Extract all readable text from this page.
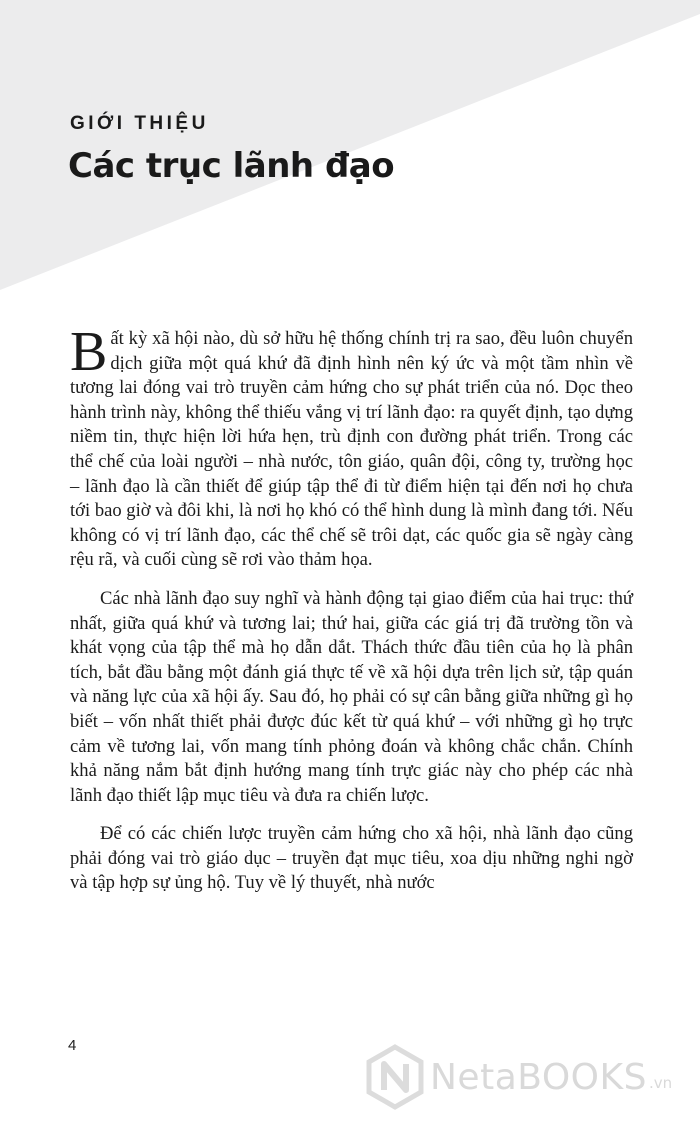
GIỚI THIỆU
Các trục lãnh đạo

Bất kỳ xã hội nào, dù sở hữu hệ thống chính trị ra sao, đều luôn chuyển dịch giữa một quá khứ đã định hình nên ký ức và một tầm nhìn về tương lai đóng vai trò truyền cảm hứng cho sự phát triển của nó. Dọc theo hành trình này, không thể thiếu vắng vị trí lãnh đạo: ra quyết định, tạo dựng niềm tin, thực hiện lời hứa hẹn, trù định con đường phát triển. Trong các thể chế của loài người – nhà nước, tôn giáo, quân đội, công ty, trường học – lãnh đạo là cần thiết để giúp tập thể đi từ điểm hiện tại đến nơi họ chưa tới bao giờ và đôi khi, là nơi họ khó có thể hình dung là mình đang tới. Nếu không có vị trí lãnh đạo, các thể chế sẽ trôi dạt, các quốc gia sẽ ngày càng rệu rã, và cuối cùng sẽ rơi vào thảm họa.

Các nhà lãnh đạo suy nghĩ và hành động tại giao điểm của hai trục: thứ nhất, giữa quá khứ và tương lai; thứ hai, giữa các giá trị đã trường tồn và khát vọng của tập thể mà họ dẫn dắt. Thách thức đầu tiên của họ là phân tích, bắt đầu bằng một đánh giá thực tế về xã hội dựa trên lịch sử, tập quán và năng lực của xã hội ấy. Sau đó, họ phải có sự cân bằng giữa những gì họ biết – vốn nhất thiết phải được đúc kết từ quá khứ – với những gì họ trực cảm về tương lai, vốn mang tính phỏng đoán và không chắc chắn. Chính khả năng nắm bắt định hướng mang tính trực giác này cho phép các nhà lãnh đạo thiết lập mục tiêu và đưa ra chiến lược.

Để có các chiến lược truyền cảm hứng cho xã hội, nhà lãnh đạo cũng phải đóng vai trò giáo dục – truyền đạt mục tiêu, xoa dịu những nghi ngờ và tập hợp sự ủng hộ. Tuy về lý thuyết, nhà nước

4
NetaBOOKS .vn
